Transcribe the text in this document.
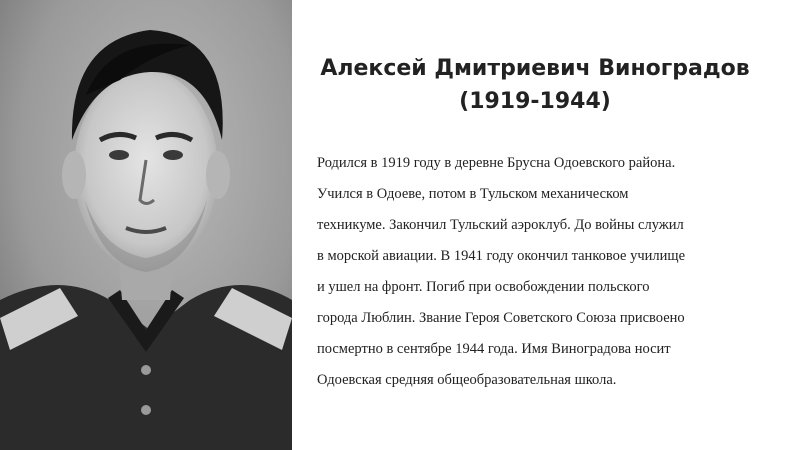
Алексей Дмитриевич Виноградов
(1919-1944)
Родился в 1919 году в деревне Брусна Одоевского района.
Учился в Одоеве, потом в Тульском механическом
техникуме. Закончил Тульский аэроклуб. До войны служил
в морской авиации. В 1941 году окончил танковое училище
и ушел на фронт. Погиб при освобождении польского
города Люблин. Звание Героя Советского Союза присвоено
посмертно в сентябре 1944 года. Имя Виноградова носит
Одоевская средняя общеобразовательная школа.
